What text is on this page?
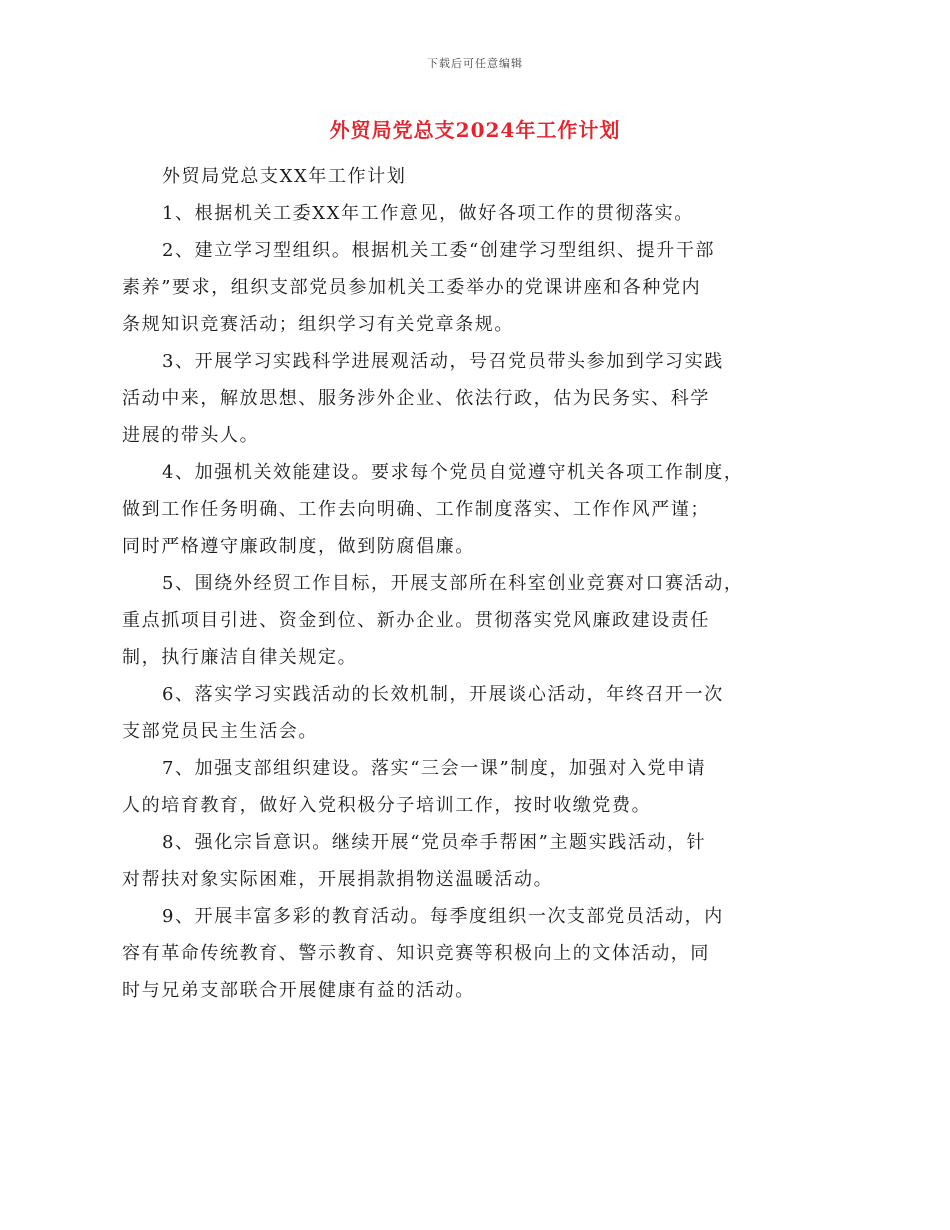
下载后可任意编辑
外贸局党总支2024年工作计划

外贸局党总支XX年工作计划

1、根据机关工委XX年工作意见，做好各项工作的贯彻落实。

2、建立学习型组织。根据机关工委“创建学习型组织、提升干部
素养”要求，组织支部党员参加机关工委举办的党课讲座和各种党内
条规知识竞赛活动；组织学习有关党章条规。

3、开展学习实践科学进展观活动，号召党员带头参加到学习实践
活动中来，解放思想、服务涉外企业、依法行政，估为民务实、科学
进展的带头人。

4、加强机关效能建设。要求每个党员自觉遵守机关各项工作制度，
做到工作任务明确、工作去向明确、工作制度落实、工作作风严谨；
同时严格遵守廉政制度，做到防腐倡廉。

5、围绕外经贸工作目标，开展支部所在科室创业竞赛对口赛活动，
重点抓项目引进、资金到位、新办企业。贯彻落实党风廉政建设责任
制，执行廉洁自律关规定。

6、落实学习实践活动的长效机制，开展谈心活动，年终召开一次
支部党员民主生活会。

7、加强支部组织建设。落实“三会一课”制度，加强对入党申请
人的培育教育，做好入党积极分子培训工作，按时收缴党费。

8、强化宗旨意识。继续开展“党员牵手帮困”主题实践活动，针
对帮扶对象实际困难，开展捐款捐物送温暖活动。

9、开展丰富多彩的教育活动。每季度组织一次支部党员活动，内
容有革命传统教育、警示教育、知识竞赛等积极向上的文体活动，同
时与兄弟支部联合开展健康有益的活动。
